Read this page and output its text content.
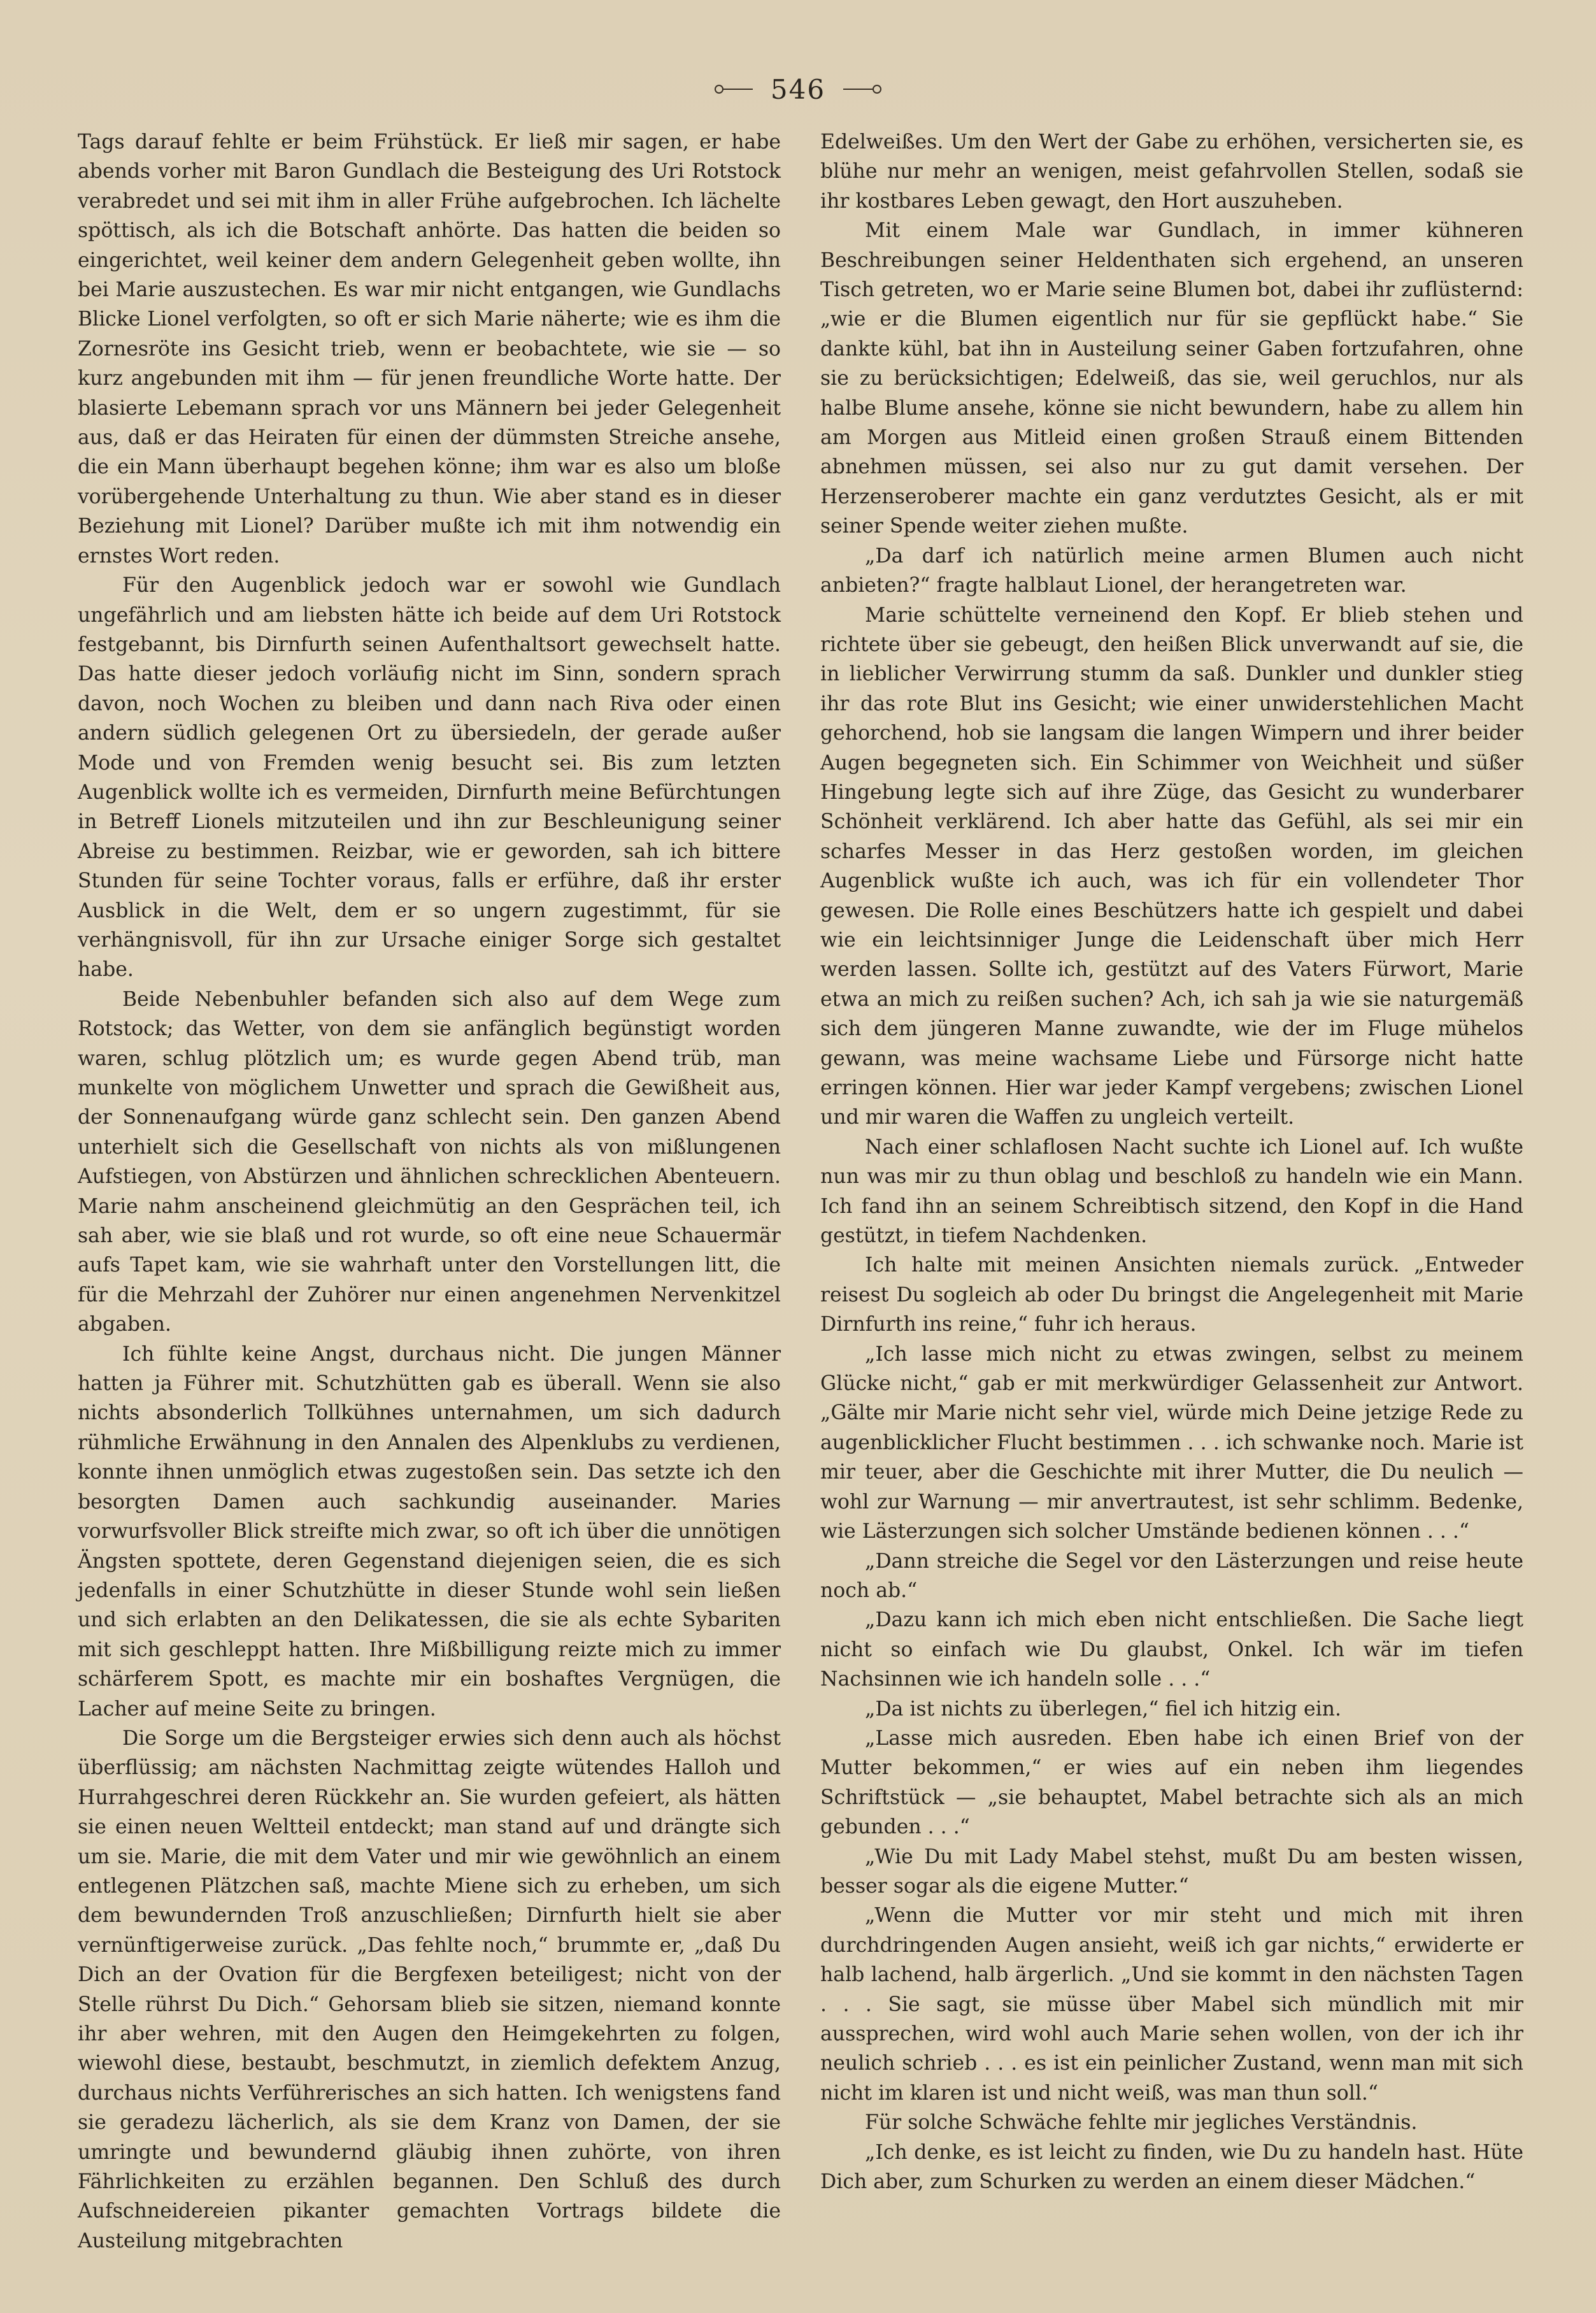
546

Tags darauf fehlte er beim Frühstück. Er ließ mir sagen, er habe abends vorher mit Baron Gundlach die Besteigung des Uri Rotstock verabredet und sei mit ihm in aller Frühe aufgebrochen. Ich lächelte spöttisch, als ich die Botschaft anhörte. Das hatten die beiden so eingerichtet, weil keiner dem andern Gelegenheit geben wollte, ihn bei Marie auszustechen. Es war mir nicht entgangen, wie Gundlachs Blicke Lionel verfolgten, so oft er sich Marie näherte; wie es ihm die Zornesröte ins Gesicht trieb, wenn er beobachtete, wie sie — so kurz angebunden mit ihm — für jenen freundliche Worte hatte. Der blasierte Lebemann sprach vor uns Männern bei jeder Gelegenheit aus, daß er das Heiraten für einen der dümmsten Streiche ansehe, die ein Mann überhaupt begehen könne; ihm war es also um bloße vorübergehende Unterhaltung zu thun. Wie aber stand es in dieser Beziehung mit Lionel? Darüber mußte ich mit ihm notwendig ein ernstes Wort reden.

Für den Augenblick jedoch war er sowohl wie Gundlach ungefährlich und am liebsten hätte ich beide auf dem Uri Rotstock festgebannt, bis Dirnfurth seinen Aufenthaltsort gewechselt hatte. Das hatte dieser jedoch vorläufig nicht im Sinn, sondern sprach davon, noch Wochen zu bleiben und dann nach Riva oder einen andern südlich gelegenen Ort zu übersiedeln, der gerade außer Mode und von Fremden wenig besucht sei. Bis zum letzten Augenblick wollte ich es vermeiden, Dirnfurth meine Befürchtungen in Betreff Lionels mitzuteilen und ihn zur Beschleunigung seiner Abreise zu bestimmen. Reizbar, wie er geworden, sah ich bittere Stunden für seine Tochter voraus, falls er erführe, daß ihr erster Ausblick in die Welt, dem er so ungern zugestimmt, für sie verhängnisvoll, für ihn zur Ursache einiger Sorge sich gestaltet habe.

Beide Nebenbuhler befanden sich also auf dem Wege zum Rotstock; das Wetter, von dem sie anfänglich begünstigt worden waren, schlug plötzlich um; es wurde gegen Abend trüb, man munkelte von möglichem Unwetter und sprach die Gewißheit aus, der Sonnenaufgang würde ganz schlecht sein. Den ganzen Abend unterhielt sich die Gesellschaft von nichts als von mißlungenen Aufstiegen, von Abstürzen und ähnlichen schrecklichen Abenteuern. Marie nahm anscheinend gleichmütig an den Gesprächen teil, ich sah aber, wie sie blaß und rot wurde, so oft eine neue Schauermär aufs Tapet kam, wie sie wahrhaft unter den Vorstellungen litt, die für die Mehrzahl der Zuhörer nur einen angenehmen Nervenkitzel abgaben.

Ich fühlte keine Angst, durchaus nicht. Die jungen Männer hatten ja Führer mit. Schutzhütten gab es überall. Wenn sie also nichts absonderlich Tollkühnes unternahmen, um sich dadurch rühmliche Erwähnung in den Annalen des Alpenklubs zu verdienen, konnte ihnen unmöglich etwas zugestoßen sein. Das setzte ich den besorgten Damen auch sachkundig auseinander. Maries vorwurfsvoller Blick streifte mich zwar, so oft ich über die unnötigen Ängsten spottete, deren Gegenstand diejenigen seien, die es sich jedenfalls in einer Schutzhütte in dieser Stunde wohl sein ließen und sich erlabten an den Delikatessen, die sie als echte Sybariten mit sich geschleppt hatten. Ihre Mißbilligung reizte mich zu immer schärferem Spott, es machte mir ein boshaftes Vergnügen, die Lacher auf meine Seite zu bringen.

Die Sorge um die Bergsteiger erwies sich denn auch als höchst überflüssig; am nächsten Nachmittag zeigte wütendes Halloh und Hurrahgeschrei deren Rückkehr an. Sie wurden gefeiert, als hätten sie einen neuen Weltteil entdeckt; man stand auf und drängte sich um sie. Marie, die mit dem Vater und mir wie gewöhnlich an einem entlegenen Plätzchen saß, machte Miene sich zu erheben, um sich dem bewundernden Troß anzuschließen; Dirnfurth hielt sie aber vernünftigerweise zurück. „Das fehlte noch,“ brummte er, „daß Du Dich an der Ovation für die Bergfexen beteiligest; nicht von der Stelle rührst Du Dich.“ Gehorsam blieb sie sitzen, niemand konnte ihr aber wehren, mit den Augen den Heimgekehrten zu folgen, wiewohl diese, bestaubt, beschmutzt, in ziemlich defektem Anzug, durchaus nichts Verführerisches an sich hatten. Ich wenigstens fand sie geradezu lächerlich, als sie dem Kranz von Damen, der sie umringte und bewundernd gläubig ihnen zuhörte, von ihren Fährlichkeiten zu erzählen begannen. Den Schluß des durch Aufschneidereien pikanter gemachten Vortrags bildete die Austeilung mitgebrachten

Edelweißes. Um den Wert der Gabe zu erhöhen, versicherten sie, es blühe nur mehr an wenigen, meist gefahrvollen Stellen, sodaß sie ihr kostbares Leben gewagt, den Hort auszuheben.

Mit einem Male war Gundlach, in immer kühneren Beschreibungen seiner Heldenthaten sich ergehend, an unseren Tisch getreten, wo er Marie seine Blumen bot, dabei ihr zuflüsternd: „wie er die Blumen eigentlich nur für sie gepflückt habe.“ Sie dankte kühl, bat ihn in Austeilung seiner Gaben fortzufahren, ohne sie zu berücksichtigen; Edelweiß, das sie, weil geruchlos, nur als halbe Blume ansehe, könne sie nicht bewundern, habe zu allem hin am Morgen aus Mitleid einen großen Strauß einem Bittenden abnehmen müssen, sei also nur zu gut damit versehen. Der Herzenseroberer machte ein ganz verdutztes Gesicht, als er mit seiner Spende weiter ziehen mußte.

„Da darf ich natürlich meine armen Blumen auch nicht anbieten?“ fragte halblaut Lionel, der herangetreten war.

Marie schüttelte verneinend den Kopf. Er blieb stehen und richtete über sie gebeugt, den heißen Blick unverwandt auf sie, die in lieblicher Verwirrung stumm da saß. Dunkler und dunkler stieg ihr das rote Blut ins Gesicht; wie einer unwiderstehlichen Macht gehorchend, hob sie langsam die langen Wimpern und ihrer beider Augen begegneten sich. Ein Schimmer von Weichheit und süßer Hingebung legte sich auf ihre Züge, das Gesicht zu wunderbarer Schönheit verklärend. Ich aber hatte das Gefühl, als sei mir ein scharfes Messer in das Herz gestoßen worden, im gleichen Augenblick wußte ich auch, was ich für ein vollendeter Thor gewesen. Die Rolle eines Beschützers hatte ich gespielt und dabei wie ein leichtsinniger Junge die Leidenschaft über mich Herr werden lassen. Sollte ich, gestützt auf des Vaters Fürwort, Marie etwa an mich zu reißen suchen? Ach, ich sah ja wie sie naturgemäß sich dem jüngeren Manne zuwandte, wie der im Fluge mühelos gewann, was meine wachsame Liebe und Fürsorge nicht hatte erringen können. Hier war jeder Kampf vergebens; zwischen Lionel und mir waren die Waffen zu ungleich verteilt.

Nach einer schlaflosen Nacht suchte ich Lionel auf. Ich wußte nun was mir zu thun oblag und beschloß zu handeln wie ein Mann. Ich fand ihn an seinem Schreibtisch sitzend, den Kopf in die Hand gestützt, in tiefem Nachdenken.

Ich halte mit meinen Ansichten niemals zurück. „Entweder reisest Du sogleich ab oder Du bringst die Angelegenheit mit Marie Dirnfurth ins reine,“ fuhr ich heraus.

„Ich lasse mich nicht zu etwas zwingen, selbst zu meinem Glücke nicht,“ gab er mit merkwürdiger Gelassenheit zur Antwort. „Gälte mir Marie nicht sehr viel, würde mich Deine jetzige Rede zu augenblicklicher Flucht bestimmen . . . ich schwanke noch. Marie ist mir teuer, aber die Geschichte mit ihrer Mutter, die Du neulich — wohl zur Warnung — mir anvertrautest, ist sehr schlimm. Bedenke, wie Lästerzungen sich solcher Umstände bedienen können . . .“

„Dann streiche die Segel vor den Lästerzungen und reise heute noch ab.“

„Dazu kann ich mich eben nicht entschließen. Die Sache liegt nicht so einfach wie Du glaubst, Onkel. Ich wär im tiefen Nachsinnen wie ich handeln solle . . .“

„Da ist nichts zu überlegen,“ fiel ich hitzig ein.

„Lasse mich ausreden. Eben habe ich einen Brief von der Mutter bekommen,“ er wies auf ein neben ihm liegendes Schriftstück — „sie behauptet, Mabel betrachte sich als an mich gebunden . . .“

„Wie Du mit Lady Mabel stehst, mußt Du am besten wissen, besser sogar als die eigene Mutter.“

„Wenn die Mutter vor mir steht und mich mit ihren durchdringenden Augen ansieht, weiß ich gar nichts,“ erwiderte er halb lachend, halb ärgerlich. „Und sie kommt in den nächsten Tagen . . . Sie sagt, sie müsse über Mabel sich mündlich mit mir aussprechen, wird wohl auch Marie sehen wollen, von der ich ihr neulich schrieb . . . es ist ein peinlicher Zustand, wenn man mit sich nicht im klaren ist und nicht weiß, was man thun soll.“

Für solche Schwäche fehlte mir jegliches Verständnis.

„Ich denke, es ist leicht zu finden, wie Du zu handeln hast. Hüte Dich aber, zum Schurken zu werden an einem dieser Mädchen.“
